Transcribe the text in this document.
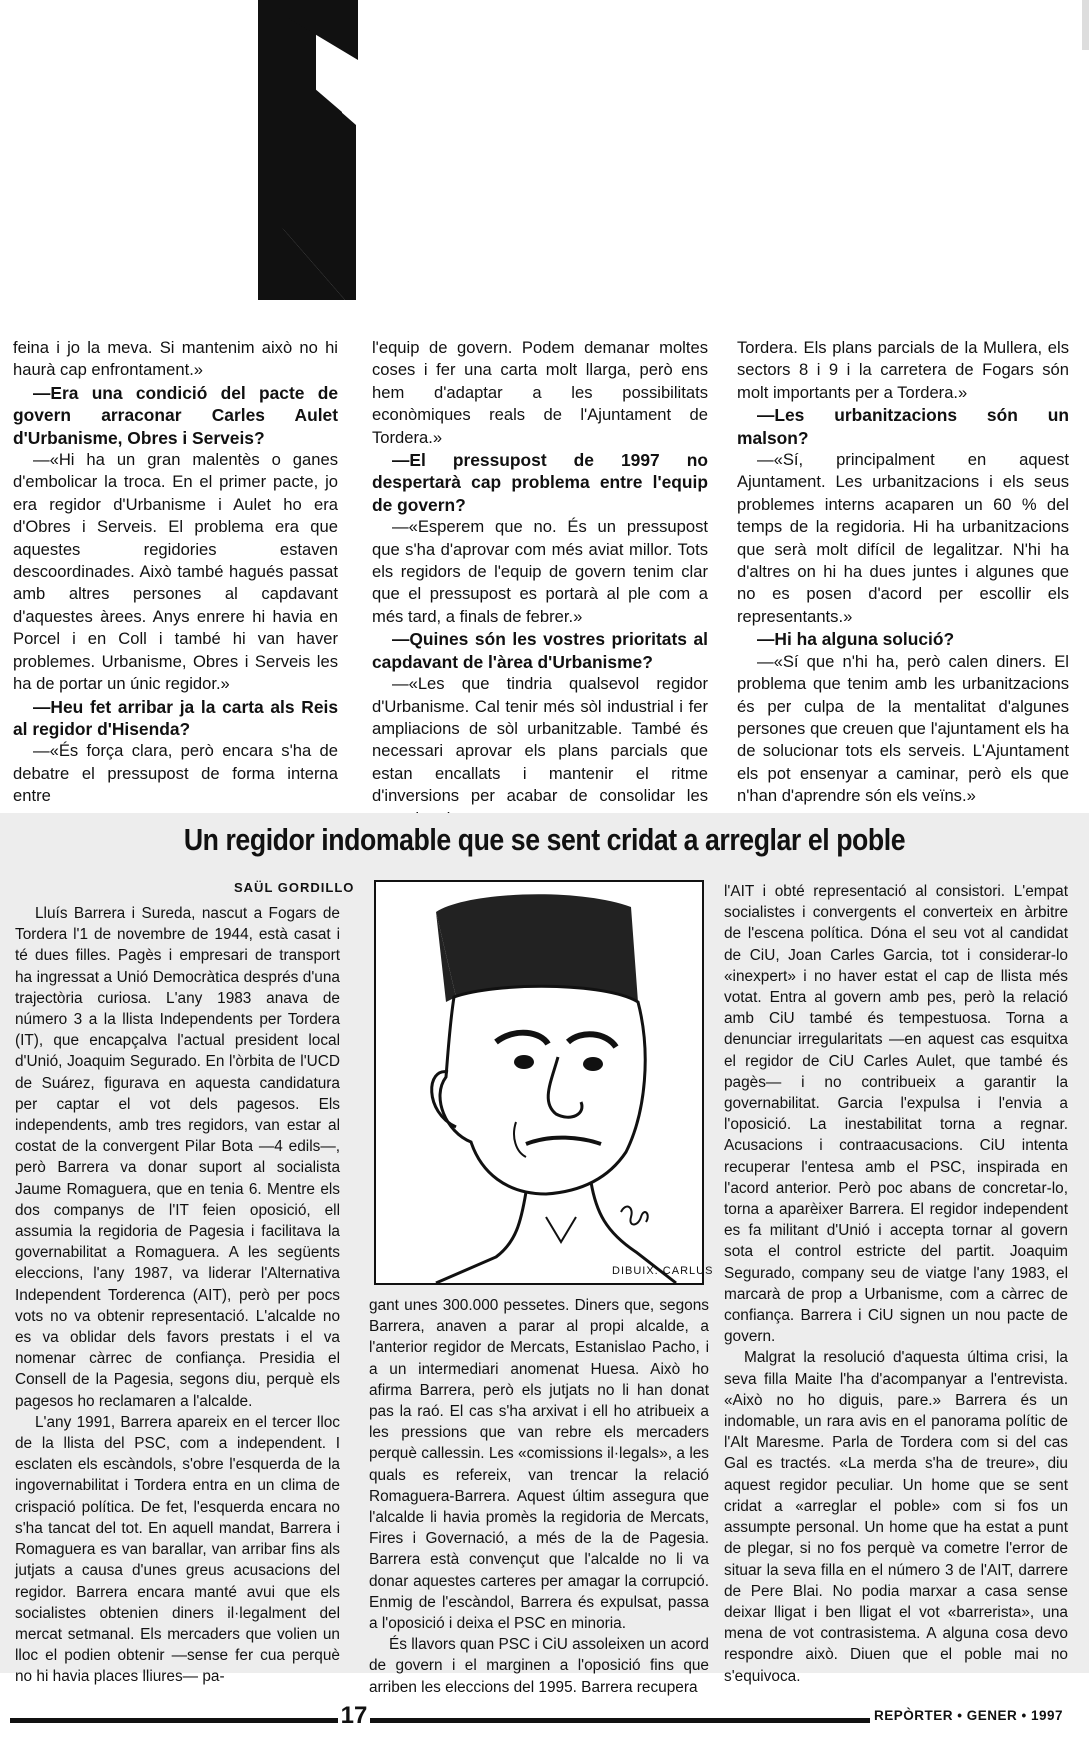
feina i jo la meva. Si mantenim això no hi haurà cap enfrontament.»

—Era una condició del pacte de govern arraconar Carles Aulet d'Urbanisme, Obres i Serveis?

—«Hi ha un gran malentès o ganes d'embolicar la troca. En el primer pacte, jo era regidor d'Urbanisme i Aulet ho era d'Obres i Serveis. El problema era que aquestes regidories estaven descoordinades. Això també hagués passat amb altres persones al capdavant d'aquestes àrees. Anys enrere hi havia en Porcel i en Coll i també hi van haver problemes. Urbanisme, Obres i Serveis les ha de portar un únic regidor.»

—Heu fet arribar ja la carta als Reis al regidor d'Hisenda?

—«És força clara, però encara s'ha de debatre el pressupost de forma interna entre

l'equip de govern. Podem demanar moltes coses i fer una carta molt llarga, però ens hem d'adaptar a les possibilitats econòmiques reals de l'Ajuntament de Tordera.»

—El pressupost de 1997 no despertarà cap problema entre l'equip de govern?

—«Esperem que no. És un pressupost que s'ha d'aprovar com més aviat millor. Tots els regidors de l'equip de govern tenim clar que el pressupost es portarà al ple com a més tard, a finals de febrer.»

—Quines són les vostres prioritats al capdavant de l'àrea d'Urbanisme?

—«Les que tindria qualsevol regidor d'Urbanisme. Cal tenir més sòl industrial i fer ampliacions de sòl urbanitzable. També és necessari aprovar els plans parcials que estan encallats i mantenir el ritme d'inversions per acabar de consolidar les

Tordera. Els plans parcials de la Mullera, els sectors 8 i 9 i la carretera de Fogars són molt importants per a Tordera.»

—Les urbanitzacions són un malson?

—«Sí, principalment en aquest Ajuntament. Les urbanitzacions i els seus problemes interns acaparen un 60 % del temps de la regidoria. Hi ha urbanitzacions que serà molt difícil de legalitzar. N'hi ha d'altres on hi ha dues juntes i algunes que no es posen d'acord per escollir els representants.»

—Hi ha alguna solució?

—«Sí que n'hi ha, però calen diners. El problema que tenim amb les urbanitzacions és per culpa de la mentalitat d'algunes persones que creuen que l'ajuntament els ha de solucionar tots els serveis. L'Ajuntament els pot ensenyar a caminar, però els que n'han d'aprendre són els veïns.»

Un regidor indomable que se sent cridat a arreglar el poble
SAÜL GORDILLO

Lluís Barrera i Sureda, nascut a Fogars de Tordera l'1 de novembre de 1944, està casat i té dues filles. Pagès i empresari de transport ha ingressat a Unió Democràtica després d'una trajectòria curiosa. L'any 1983 anava de número 3 a la llista Independents per Tordera (IT), que encapçalva l'actual president local d'Unió, Joaquim Segurado. En l'òrbita de l'UCD de Suárez, figurava en aquesta candidatura per captar el vot dels pagesos. Els independents, amb tres regidors, van estar al costat de la convergent Pilar Bota —4 edils—, però Barrera va donar suport al socialista Jaume Romaguera, que en tenia 6. Mentre els dos companys de l'IT feien oposició, ell assumia la regidoria de Pagesia i facilitava la governabilitat a Romaguera. A les següents eleccions, l'any 1987, va liderar l'Alternativa Independent Torderenca (AIT), però per pocs vots no va obtenir representació. L'alcalde no es va oblidar dels favors prestats i el va nomenar càrrec de confiança. Presidia el Consell de la Pagesia, segons diu, perquè els pagesos ho reclamaren a l'alcalde.

L'any 1991, Barrera apareix en el tercer lloc de la llista del PSC, com a independent. I esclaten els escàndols, s'obre l'esquerda de la ingovernabilitat i Tordera entra en un clima de crispació política. De fet, l'esquerda encara no s'ha tancat del tot. En aquell mandat, Barrera i Romaguera es van barallar, van arribar fins als jutjats a causa d'unes greus acusacions del regidor. Barrera encara manté avui que els socialistes obtenien diners il·legalment del mercat setmanal. Els mercaders que volien un lloc el podien obtenir —sense fer cua perquè no hi havia places lliures— pa-

DIBUIX: CARLUS

gant unes 300.000 pessetes. Diners que, segons Barrera, anaven a parar al propi alcalde, a l'anterior regidor de Mercats, Estanislao Pacho, i a un intermediari anomenat Huesa. Això ho afirma Barrera, però els jutjats no li han donat pas la raó. El cas s'ha arxivat i ell ho atribueix a les pressions que van rebre els mercaders perquè callessin. Les «comissions il·legals», a les quals es refereix, van trencar la relació Romaguera-Barrera. Aquest últim assegura que l'alcalde li havia promès la regidoria de Mercats, Fires i Governació, a més de la de Pagesia. Barrera està convençut que l'alcalde no li va donar aquestes carteres per amagar la corrupció. Enmig de l'escàndol, Barrera és expulsat, passa a l'oposició i deixa el PSC en minoria.

És llavors quan PSC i CiU assoleixen un acord de govern i el marginen a l'oposició fins que arriben les eleccions del 1995. Barrera recupera

l'AIT i obté representació al consistori. L'empat socialistes i convergents el converteix en àrbitre de l'escena política. Dóna el seu vot al candidat de CiU, Joan Carles Garcia, tot i considerar-lo «inexpert» i no haver estat el cap de llista més votat. Entra al govern amb pes, però la relació amb CiU també és tempestuosa. Torna a denunciar irregularitats —en aquest cas esquitxa el regidor de CiU Carles Aulet, que també és pagès— i no contribueix a garantir la governabilitat. Garcia l'expulsa i l'envia a l'oposició. La inestabilitat torna a regnar. Acusacions i contraacusacions. CiU intenta recuperar l'entesa amb el PSC, inspirada en l'acord anterior. Però poc abans de concretar-lo, torna a aparèixer Barrera. El regidor independent es fa militant d'Unió i accepta tornar al govern sota el control estricte del partit. Joaquim Segurado, company seu de viatge l'any 1983, el marcarà de prop a Urbanisme, com a càrrec de confiança. Barrera i CiU signen un nou pacte de govern.

Malgrat la resolució d'aquesta última crisi, la seva filla Maite l'ha d'acompanyar a l'entrevista. «Això no ho diguis, pare.» Barrera és un indomable, un rara avis en el panorama polític de l'Alt Maresme. Parla de Tordera com si del cas Gal es tractés. «La merda s'ha de treure», diu aquest regidor peculiar. Un home que se sent cridat a «arreglar el poble» com si fos un assumpte personal. Un home que ha estat a punt de plegar, si no fos perquè va cometre l'error de situar la seva filla en el número 3 de l'AIT, darrere de Pere Blai. No podia marxar a casa sense deixar lligat i ben lligat el vot «barrerista», una mena de vot contrasistema. A alguna cosa devo respondre això. Diuen que el poble mai no s'equivoca.

17	REPÒRTER • GENER • 1997
